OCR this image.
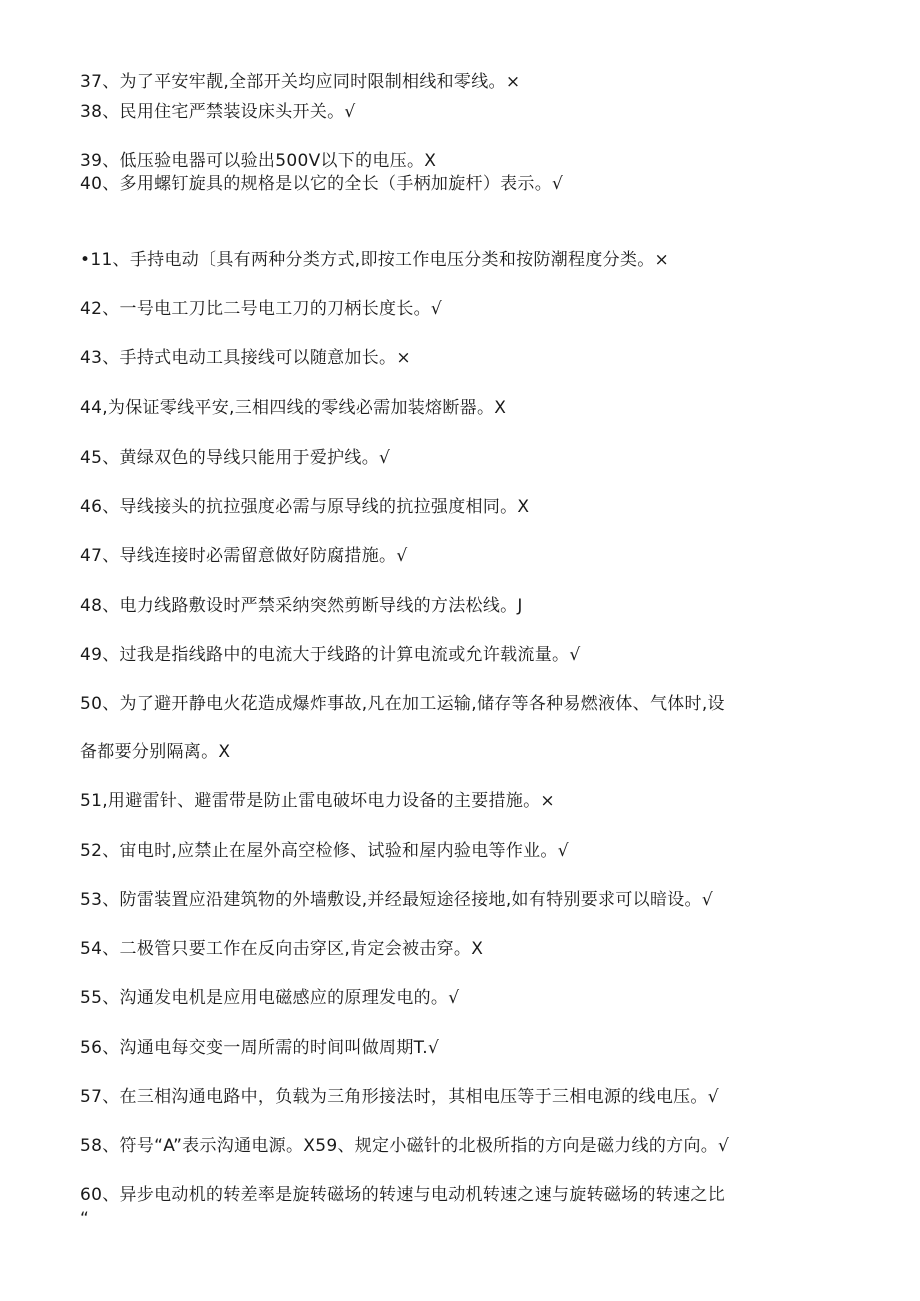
37、为了平安牢靓,全部开关均应同时限制相线和零线。×
38、民用住宅严禁装设床头开关。√
39、低压验电器可以验出500V以下的电压。X
40、多用螺钉旋具的规格是以它的全长（手柄加旋杆）表示。√
•11、手持电动〔具有两种分类方式,即按工作电压分类和按防潮程度分类。×
42、一号电工刀比二号电工刀的刀柄长度长。√
43、手持式电动工具接线可以随意加长。×
44,为保证零线平安,三相四线的零线必需加装熔断器。X
45、黄绿双色的导线只能用于爱护线。√
46、导线接头的抗拉强度必需与原导线的抗拉强度相同。X
47、导线连接时必需留意做好防腐措施。√
48、电力线路敷设时严禁采纳突然剪断导线的方法松线。J
49、过我是指线路中的电流大于线路的计算电流或允许载流量。√
50、为了避开静电火花造成爆炸事故,凡在加工运输,储存等各种易燃液体、气体时,设
备都要分别隔离。X
51,用避雷针、避雷带是防止雷电破坏电力设备的主要措施。×
52、宙电时,应禁止在屋外高空检修、试验和屋内验电等作业。√
53、防雷装置应沿建筑物的外墙敷设,并经最短途径接地,如有特别要求可以暗设。√
54、二极管只要工作在反向击穿区,肯定会被击穿。X
55、沟通发电机是应用电磁感应的原理发电的。√
56、沟通电每交变一周所需的时间叫做周期T.√
57、在三相沟通电路中，负载为三角形接法时，其相电压等于三相电源的线电压。√
58、符号“A”表示沟通电源。X59、规定小磁针的北极所指的方向是磁力线的方向。√
60、异步电动机的转差率是旋转磁场的转速与电动机转速之速与旋转磁场的转速之比
“
